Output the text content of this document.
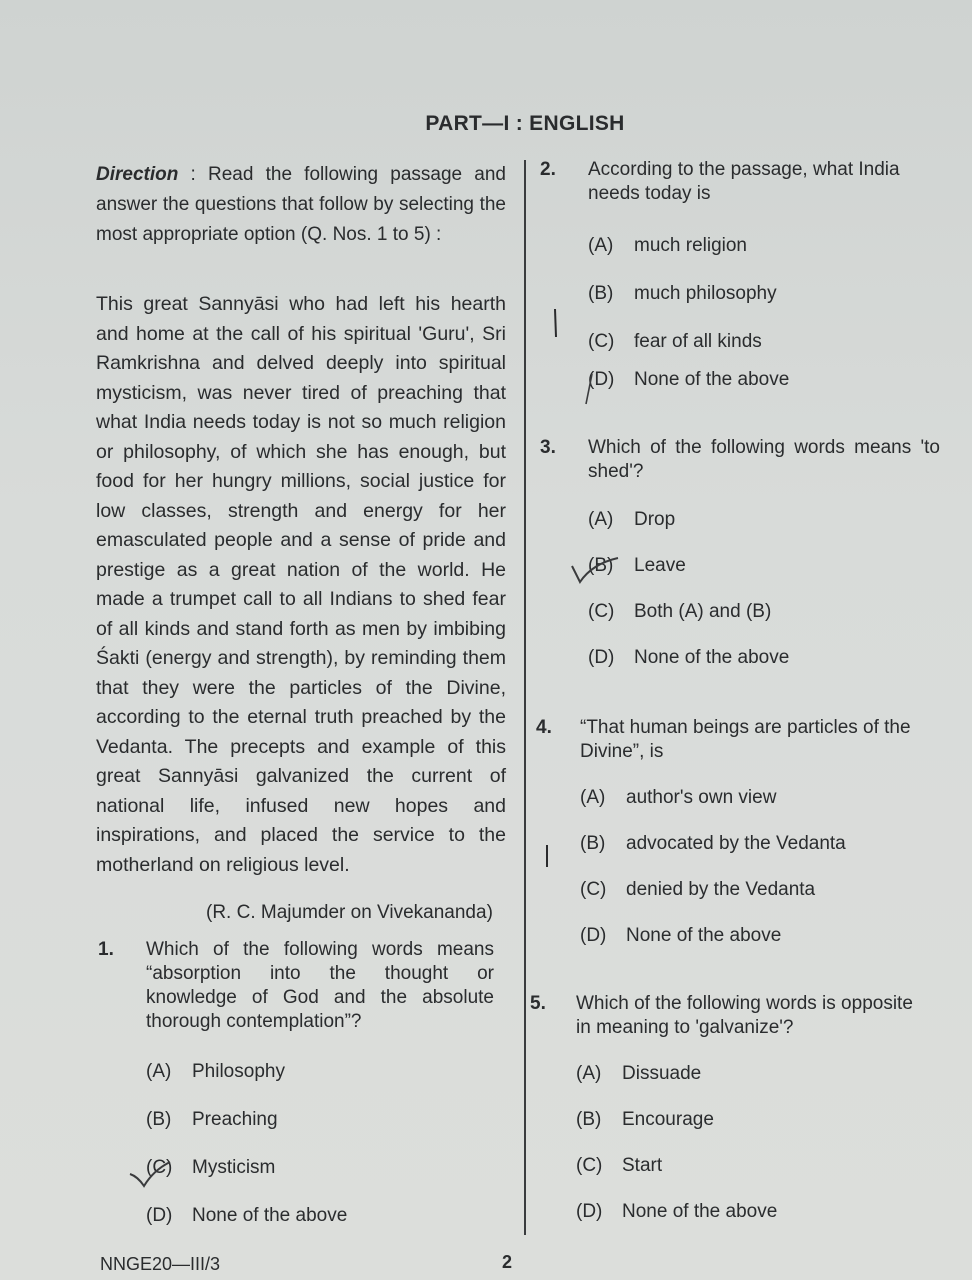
PART—I : ENGLISH

Direction : Read the following passage and answer the questions that follow by selecting the most appropriate option (Q. Nos. 1 to 5) :

This great Sannyāsi who had left his hearth and home at the call of his spiritual 'Guru', Sri Ramkrishna and delved deeply into spiritual mysticism, was never tired of preaching that what India needs today is not so much religion or philosophy, of which she has enough, but food for her hungry millions, social justice for low classes, strength and energy for her emasculated people and a sense of pride and prestige as a great nation of the world. He made a trumpet call to all Indians to shed fear of all kinds and stand forth as men by imbibing Śakti (energy and strength), by reminding them that they were the particles of the Divine, according to the eternal truth preached by the Vedanta. The precepts and example of this great Sannyāsi galvanized the current of national life, infused new hopes and inspirations, and placed the service to the motherland on religious level.
(R. C. Majumder on Vivekananda)
1.	Which of the following words means “absorption into the thought or knowledge of God and the absolute thorough contemplation”?
(A)	Philosophy
(B)	Preaching
(C)	Mysticism
(D)	None of the above
2.	According to the passage, what India needs today is
(A)	much religion
(B)	much philosophy
(C)	fear of all kinds
(D)	None of the above
3.	Which of the following words means 'to shed'?
(A)	Drop
(B)	Leave
(C)	Both (A) and (B)
(D)	None of the above
4.	“That human beings are particles of the Divine”, is
(A)	author's own view
(B)	advocated by the Vedanta
(C)	denied by the Vedanta
(D)	None of the above
5.	Which of the following words is opposite in meaning to 'galvanize'?
(A)	Dissuade
(B)	Encourage
(C)	Start
(D)	None of the above
NNGE20—III/3	2
